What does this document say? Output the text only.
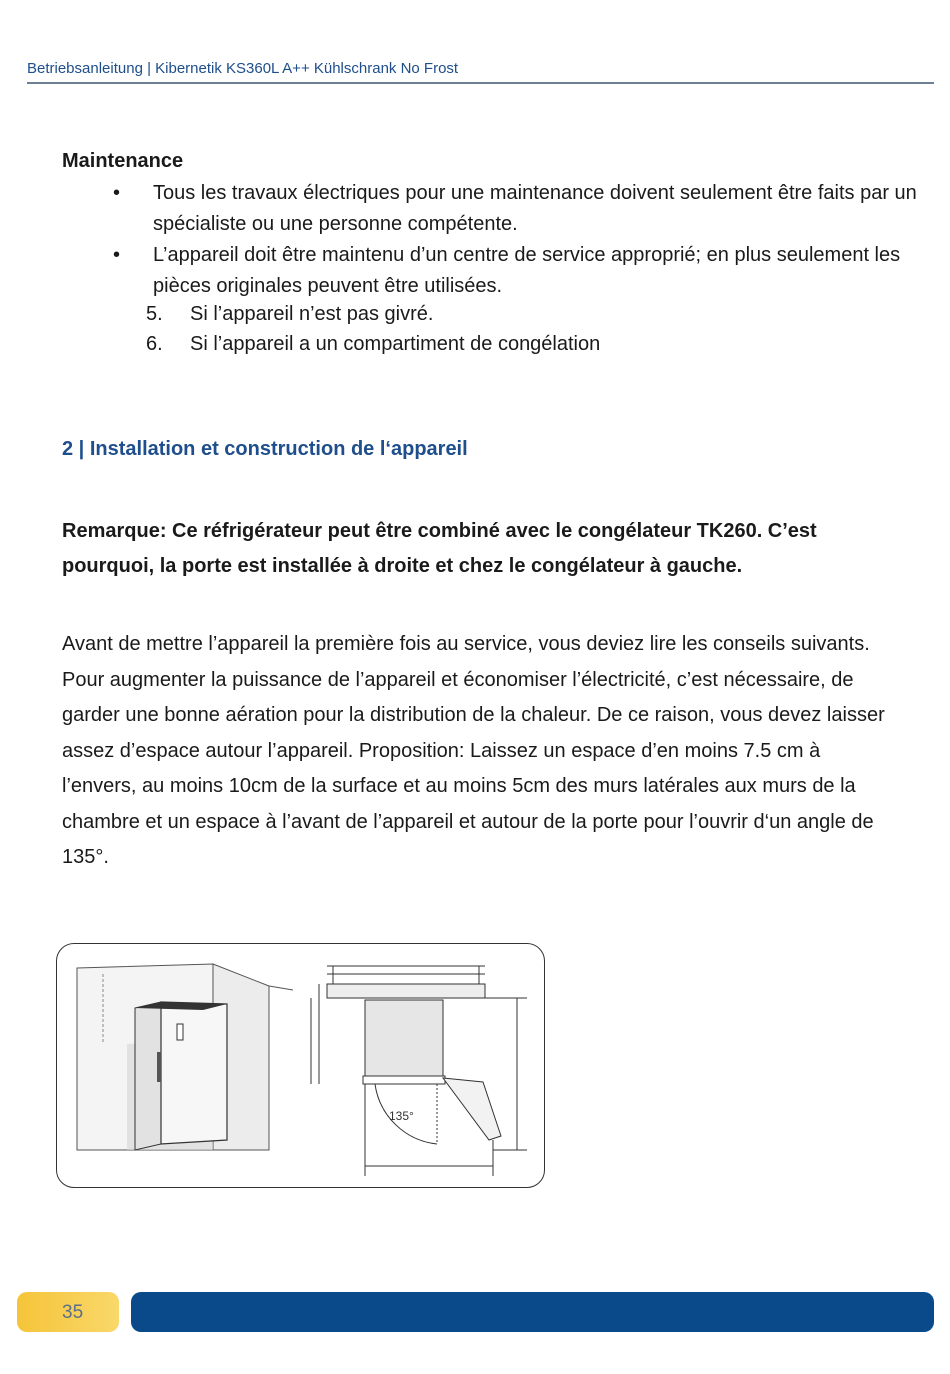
Betriebsanleitung | Kibernetik KS360L A++ Kühlschrank No Frost
Maintenance
• Tous les travaux électriques pour une maintenance doivent seulement être faits par un spécialiste ou une personne compétente.
• L’appareil doit être maintenu d’un centre de service approprié; en plus seulement les pièces originales peuvent être utilisées.
5. Si l’appareil n’est pas givré.
6. Si l’appareil a un compartiment de congélation
2 | Installation et construction de l‘appareil
Remarque: Ce réfrigérateur peut être combiné avec le congélateur TK260. C’est pourquoi, la porte est installée à droite et chez le congélateur à gauche.
Avant de mettre l’appareil la première fois au service, vous deviez lire les conseils suivants. Pour augmenter la puissance de l’appareil et économiser l’électricité, c’est nécessaire, de garder une bonne aération pour la distribution de la chaleur. De ce raison, vous devez laisser assez d’espace autour l’appareil. Proposition: Laissez un espace d’en moins 7.5 cm à l’envers, au moins 10cm de la surface et au moins 5cm des murs latérales aux murs de la chambre et un espace à l’avant de l’appareil et autour de la porte pour l’ouvrir d‘un angle de 135°.
135°
35
